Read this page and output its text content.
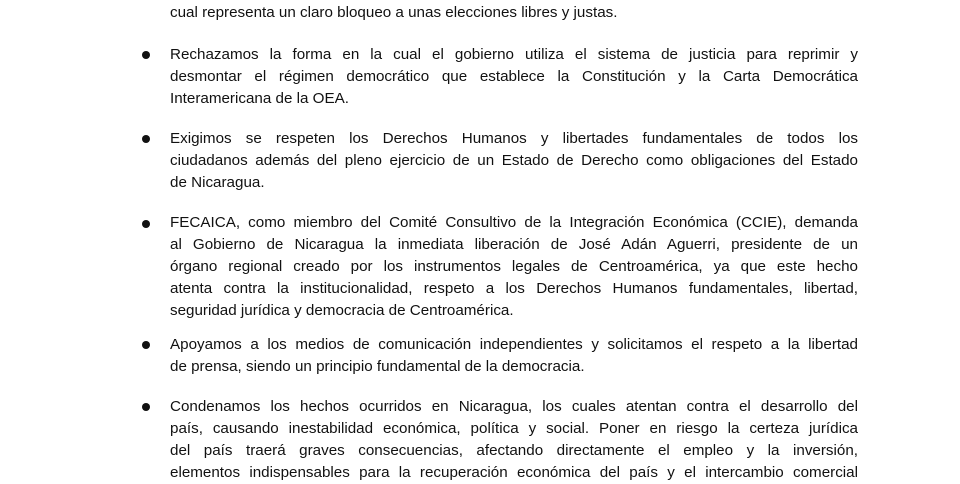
cual representa un claro bloqueo a unas elecciones libres y justas.
Rechazamos la forma en la cual el gobierno utiliza el sistema de justicia para reprimir y
desmontar el régimen democrático que establece la Constitución y la Carta Democrática
Interamericana de la OEA.
Exigimos se respeten los Derechos Humanos y libertades fundamentales de todos los
ciudadanos además del pleno ejercicio de un Estado de Derecho como obligaciones del Estado
de Nicaragua.
FECAICA, como miembro del Comité Consultivo de la Integración Económica (CCIE), demanda
al Gobierno de Nicaragua la inmediata liberación de José Adán Aguerri, presidente de un
órgano regional creado por los instrumentos legales de Centroamérica, ya que este hecho
atenta contra la institucionalidad, respeto a los Derechos Humanos fundamentales, libertad,
seguridad jurídica y democracia de Centroamérica.
Apoyamos a los medios de comunicación independientes y solicitamos el respeto a la libertad
de prensa, siendo un principio fundamental de la democracia.
Condenamos los hechos ocurridos en Nicaragua, los cuales atentan contra el desarrollo del
país, causando inestabilidad económica, política y social. Poner en riesgo la certeza jurídica
del país traerá graves consecuencias, afectando directamente el empleo y la inversión,
elementos indispensables para la recuperación económica del país y el intercambio comercial
